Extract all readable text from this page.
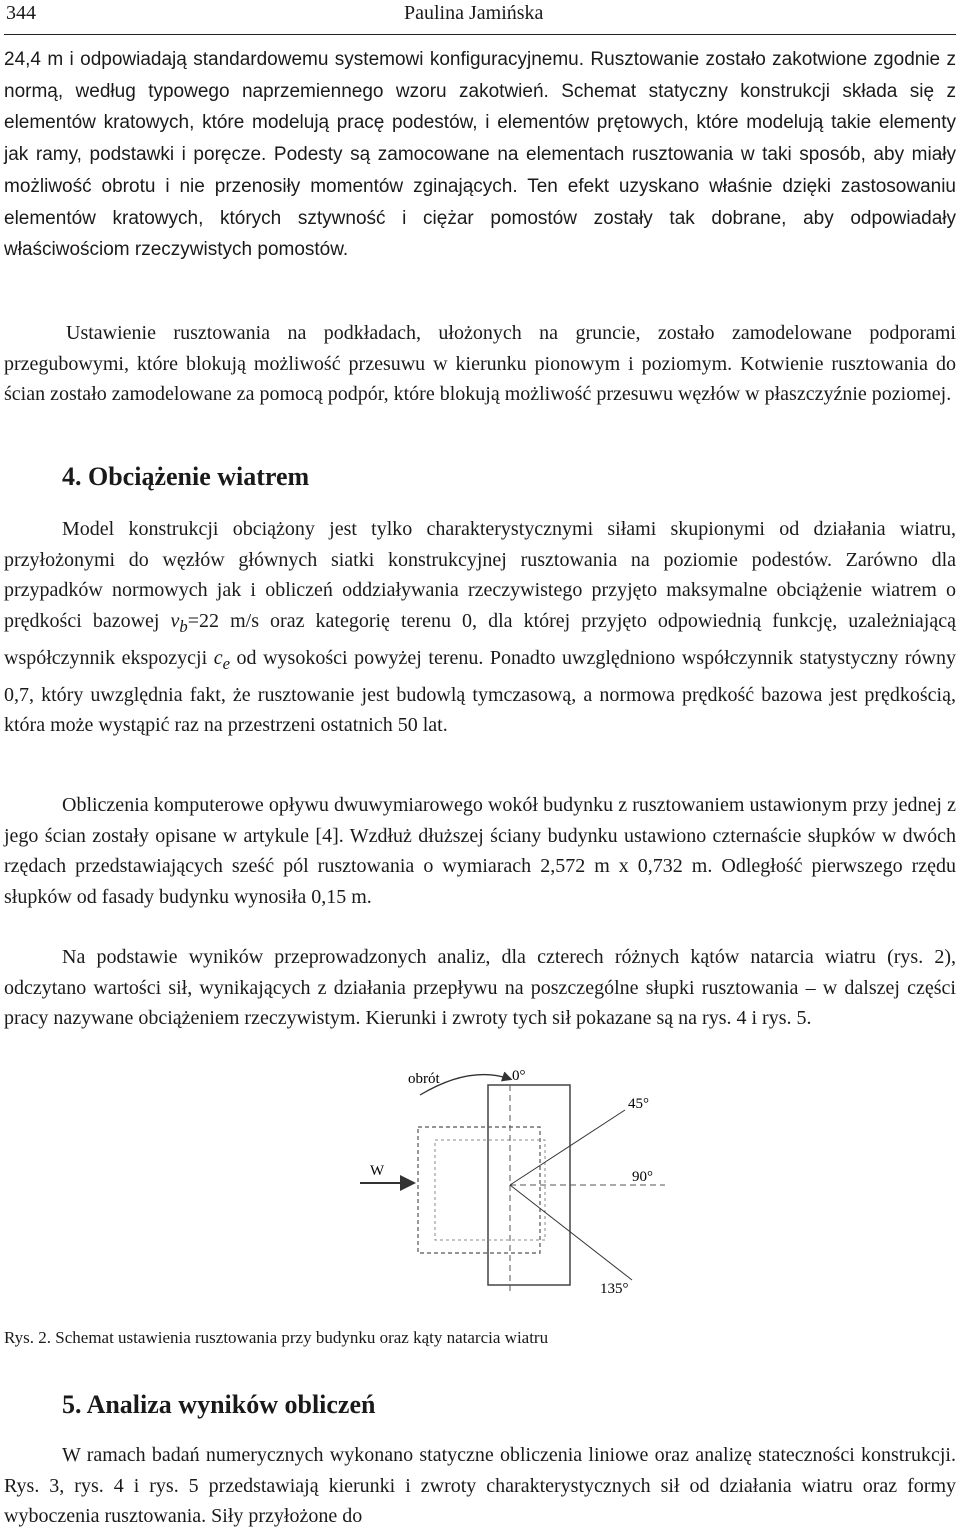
344	Paulina Jamińska

24,4 m i odpowiadają standardowemu systemowi konfiguracyjnemu. Rusztowanie zostało zakotwione zgodnie z normą, według typowego naprzemiennego wzoru zakotwień. Schemat statyczny konstrukcji składa się z elementów kratowych, które modelują pracę podestów, i elementów prętowych, które modelują takie elementy jak ramy, podstawki i poręcze. Podesty są zamocowane na elementach rusztowania w taki sposób, aby miały możliwość obrotu i nie przenosiły momentów zginających. Ten efekt uzyskano właśnie dzięki zastosowaniu elementów kratowych, których sztywność i ciężar pomostów zostały tak dobrane, aby odpowiadały właściwościom rzeczywistych pomostów.

Ustawienie rusztowania na podkładach, ułożonych na gruncie, zostało zamodelowane podporami przegubowymi, które blokują możliwość przesuwu w kierunku pionowym i poziomym. Kotwienie rusztowania do ścian zostało zamodelowane za pomocą podpór, które blokują możliwość przesuwu węzłów w płaszczyźnie poziomej.

4. Obciążenie wiatrem

Model konstrukcji obciążony jest tylko charakterystycznymi siłami skupionymi od działania wiatru, przyłożonymi do węzłów głównych siatki konstrukcyjnej rusztowania na poziomie podestów. Zarówno dla przypadków normowych jak i obliczeń oddziaływania rzeczywistego przyjęto maksymalne obciążenie wiatrem o prędkości bazowej $v_b=22$ m/s oraz kategorię terenu 0, dla której przyjęto odpowiednią funkcję, uzależniającą współczynnik ekspozycji $c_e$ od wysokości powyżej terenu. Ponadto uwzględniono współczynnik statystyczny równy 0,7, który uwzględnia fakt, że rusztowanie jest budowlą tymczasową, a normowa prędkość bazowa jest prędkością, która może wystąpić raz na przestrzeni ostatnich 50 lat.

Obliczenia komputerowe opływu dwuwymiarowego wokół budynku z rusztowaniem ustawionym przy jednej z jego ścian zostały opisane w artykule [4]. Wzdłuż dłuższej ściany budynku ustawiono czternaście słupków w dwóch rzędach przedstawiających sześć pól rusztowania o wymiarach 2,572 m x 0,732 m. Odległość pierwszego rzędu słupków od fasady budynku wynosiła 0,15 m.

Na podstawie wyników przeprowadzonych analiz, dla czterech różnych kątów natarcia wiatru (rys. 2), odczytano wartości sił, wynikających z działania przepływu na poszczególne słupki rusztowania – w dalszej części pracy nazywane obciążeniem rzeczywistym. Kierunki i zwroty tych sił pokazane są na rys. 4 i rys. 5.

obrót	0°
45°
90°
135°
W

Rys. 2. Schemat ustawienia rusztowania przy budynku oraz kąty natarcia wiatru

5. Analiza wyników obliczeń

W ramach badań numerycznych wykonano statyczne obliczenia liniowe oraz analizę stateczności konstrukcji. Rys. 3, rys. 4 i rys. 5 przedstawiają kierunki i zwroty charakterystycznych sił od działania wiatru oraz formy wyboczenia rusztowania. Siły przyłożone do
